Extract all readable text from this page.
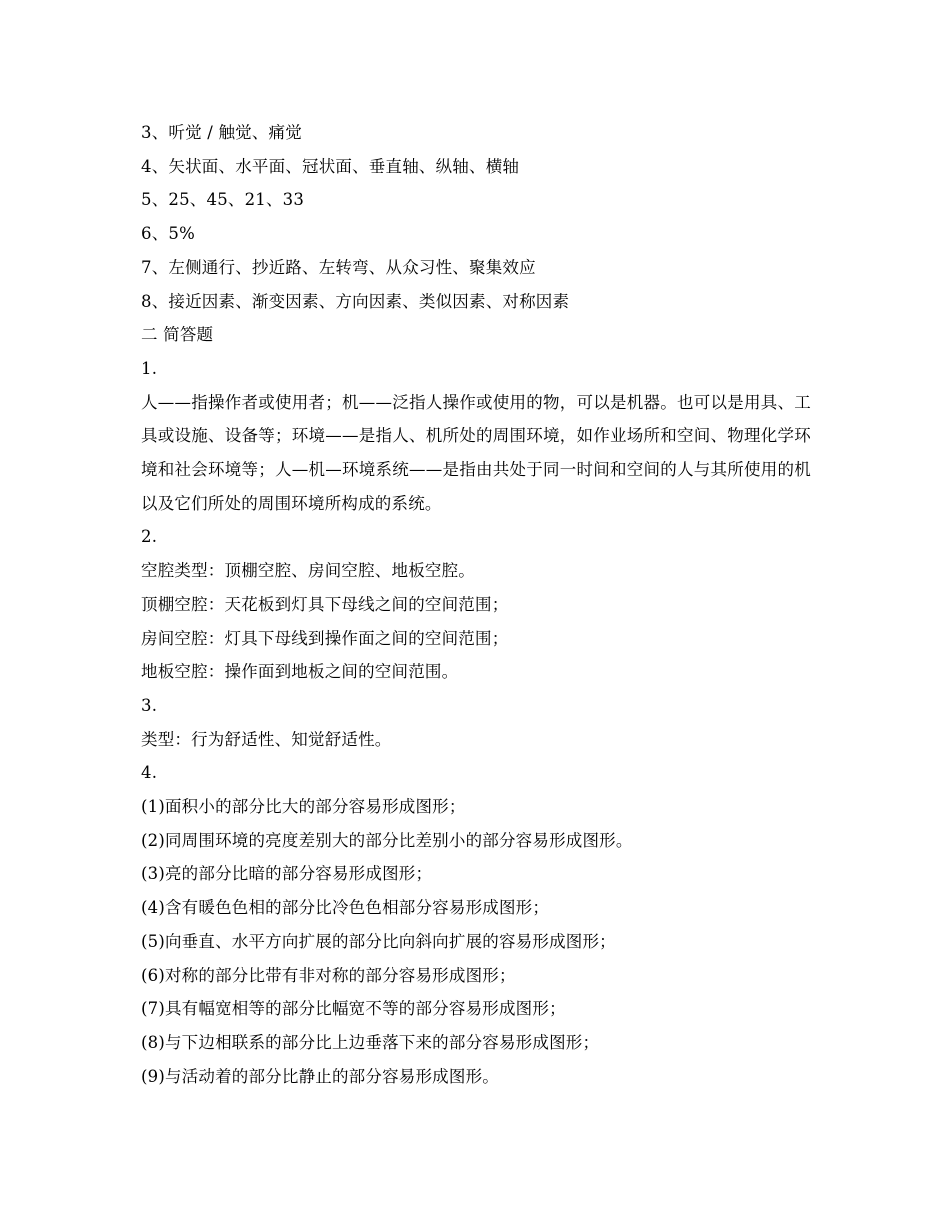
3、听觉 / 触觉、痛觉
4、矢状面、水平面、冠状面、垂直轴、纵轴、横轴
5、25、45、21、33
6、5%
7、左侧通行、抄近路、左转弯、从众习性、聚集效应
8、接近因素、渐变因素、方向因素、类似因素、对称因素
二 简答题
1.
人——指操作者或使用者；机——泛指人操作或使用的物，可以是机器。也可以是用具、工具或设施、设备等；环境——是指人、机所处的周围环境，如作业场所和空间、物理化学环境和社会环境等；人—机—环境系统——是指由共处于同一时间和空间的人与其所使用的机以及它们所处的周围环境所构成的系统。
2.
空腔类型：顶棚空腔、房间空腔、地板空腔。
顶棚空腔：天花板到灯具下母线之间的空间范围；
房间空腔：灯具下母线到操作面之间的空间范围；
地板空腔：操作面到地板之间的空间范围。
3.
类型：行为舒适性、知觉舒适性。
4.
(1)面积小的部分比大的部分容易形成图形；
(2)同周围环境的亮度差别大的部分比差别小的部分容易形成图形。
(3)亮的部分比暗的部分容易形成图形；
(4)含有暖色色相的部分比冷色色相部分容易形成图形；
(5)向垂直、水平方向扩展的部分比向斜向扩展的容易形成图形；
(6)对称的部分比带有非对称的部分容易形成图形；
(7)具有幅宽相等的部分比幅宽不等的部分容易形成图形；
(8)与下边相联系的部分比上边垂落下来的部分容易形成图形；
(9)与活动着的部分比静止的部分容易形成图形。
